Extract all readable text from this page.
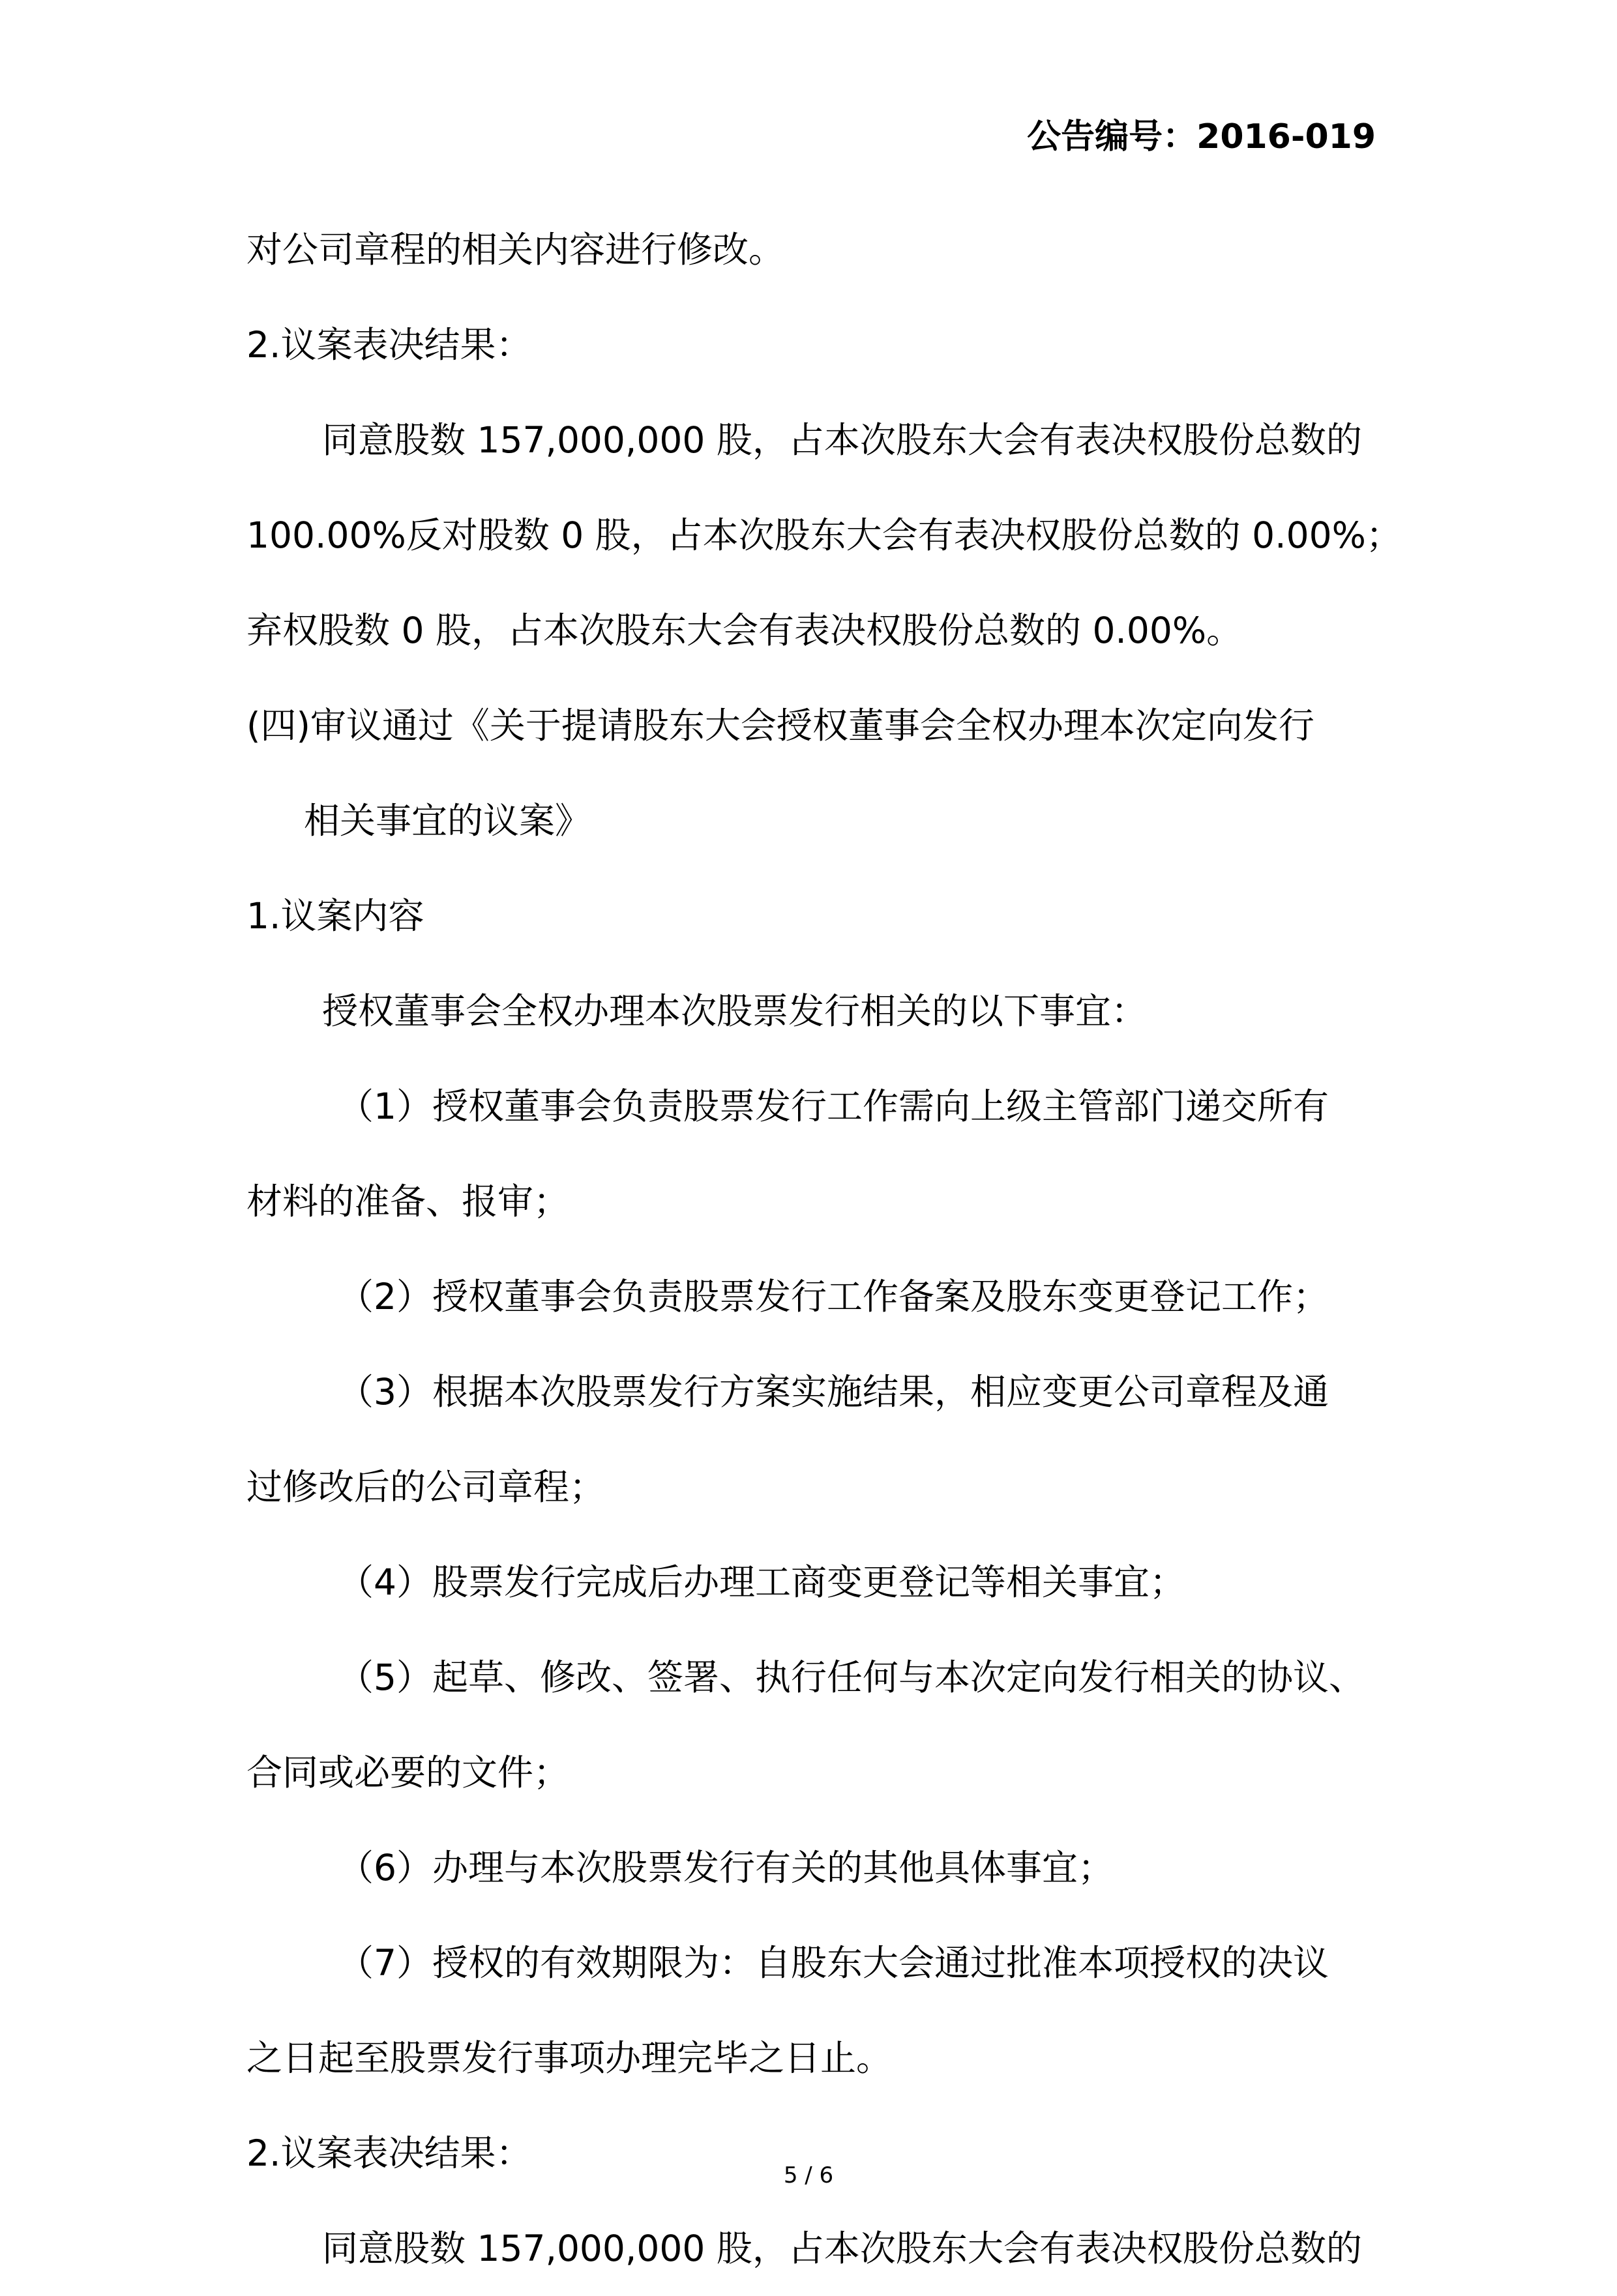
公告编号：2016-019
对公司章程的相关内容进行修改。
2.议案表决结果：
同意股数 157,000,000 股，占本次股东大会有表决权股份总数的
100.00%反对股数 0 股，占本次股东大会有表决权股份总数的 0.00%；
弃权股数 0 股，占本次股东大会有表决权股份总数的 0.00%。
(四)审议通过《关于提请股东大会授权董事会全权办理本次定向发行
相关事宜的议案》
1.议案内容
授权董事会全权办理本次股票发行相关的以下事宜：
（1）授权董事会负责股票发行工作需向上级主管部门递交所有
材料的准备、报审；
（2）授权董事会负责股票发行工作备案及股东变更登记工作；
（3）根据本次股票发行方案实施结果，相应变更公司章程及通
过修改后的公司章程；
（4）股票发行完成后办理工商变更登记等相关事宜；
（5）起草、修改、签署、执行任何与本次定向发行相关的协议、
合同或必要的文件；
（6）办理与本次股票发行有关的其他具体事宜；
（7）授权的有效期限为：自股东大会通过批准本项授权的决议
之日起至股票发行事项办理完毕之日止。
2.议案表决结果：
同意股数 157,000,000 股，占本次股东大会有表决权股份总数的
5 / 6
